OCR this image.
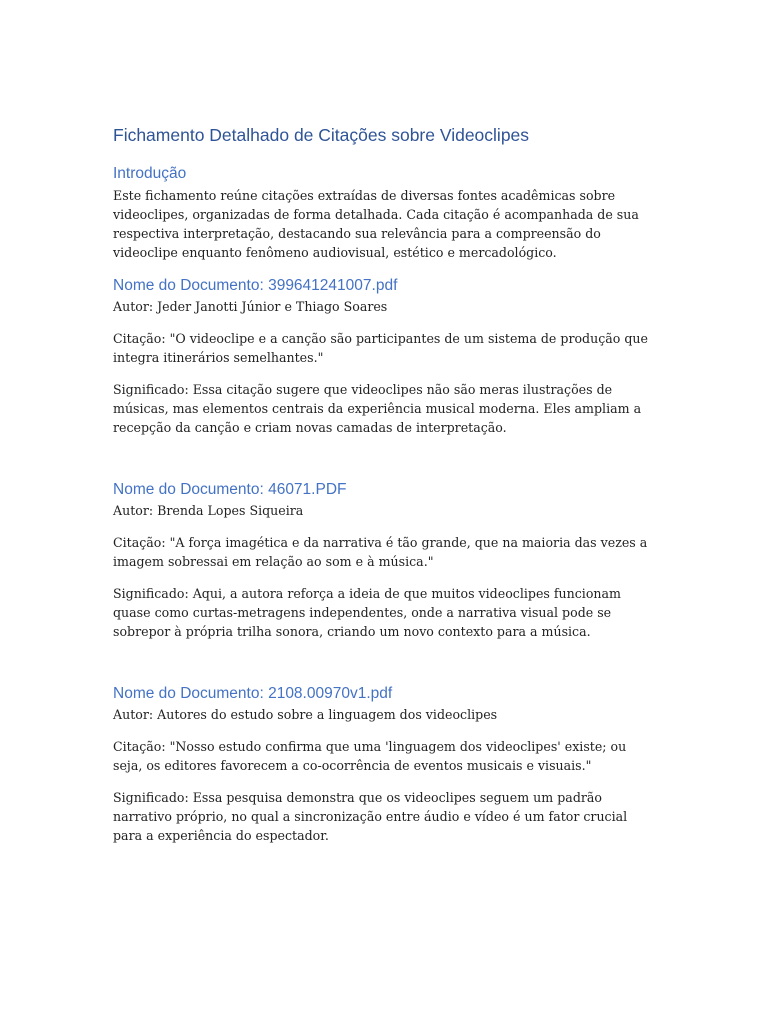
Fichamento Detalhado de Citações sobre Videoclipes
Introdução

Este fichamento reúne citações extraídas de diversas fontes acadêmicas sobre videoclipes, organizadas de forma detalhada. Cada citação é acompanhada de sua respectiva interpretação, destacando sua relevância para a compreensão do videoclipe enquanto fenômeno audiovisual, estético e mercadológico.

Nome do Documento: 399641241007.pdf

Autor: Jeder Janotti Júnior e Thiago Soares

Citação: "O videoclipe e a canção são participantes de um sistema de produção que integra itinerários semelhantes."

Significado: Essa citação sugere que videoclipes não são meras ilustrações de músicas, mas elementos centrais da experiência musical moderna. Eles ampliam a recepção da canção e criam novas camadas de interpretação.

Nome do Documento: 46071.PDF

Autor: Brenda Lopes Siqueira

Citação: "A força imagética e da narrativa é tão grande, que na maioria das vezes a imagem sobressai em relação ao som e à música."

Significado: Aqui, a autora reforça a ideia de que muitos videoclipes funcionam quase como curtas-metragens independentes, onde a narrativa visual pode se sobrepor à própria trilha sonora, criando um novo contexto para a música.

Nome do Documento: 2108.00970v1.pdf

Autor: Autores do estudo sobre a linguagem dos videoclipes

Citação: "Nosso estudo confirma que uma 'linguagem dos videoclipes' existe; ou seja, os editores favorecem a co-ocorrência de eventos musicais e visuais."

Significado: Essa pesquisa demonstra que os videoclipes seguem um padrão narrativo próprio, no qual a sincronização entre áudio e vídeo é um fator crucial para a experiência do espectador.
